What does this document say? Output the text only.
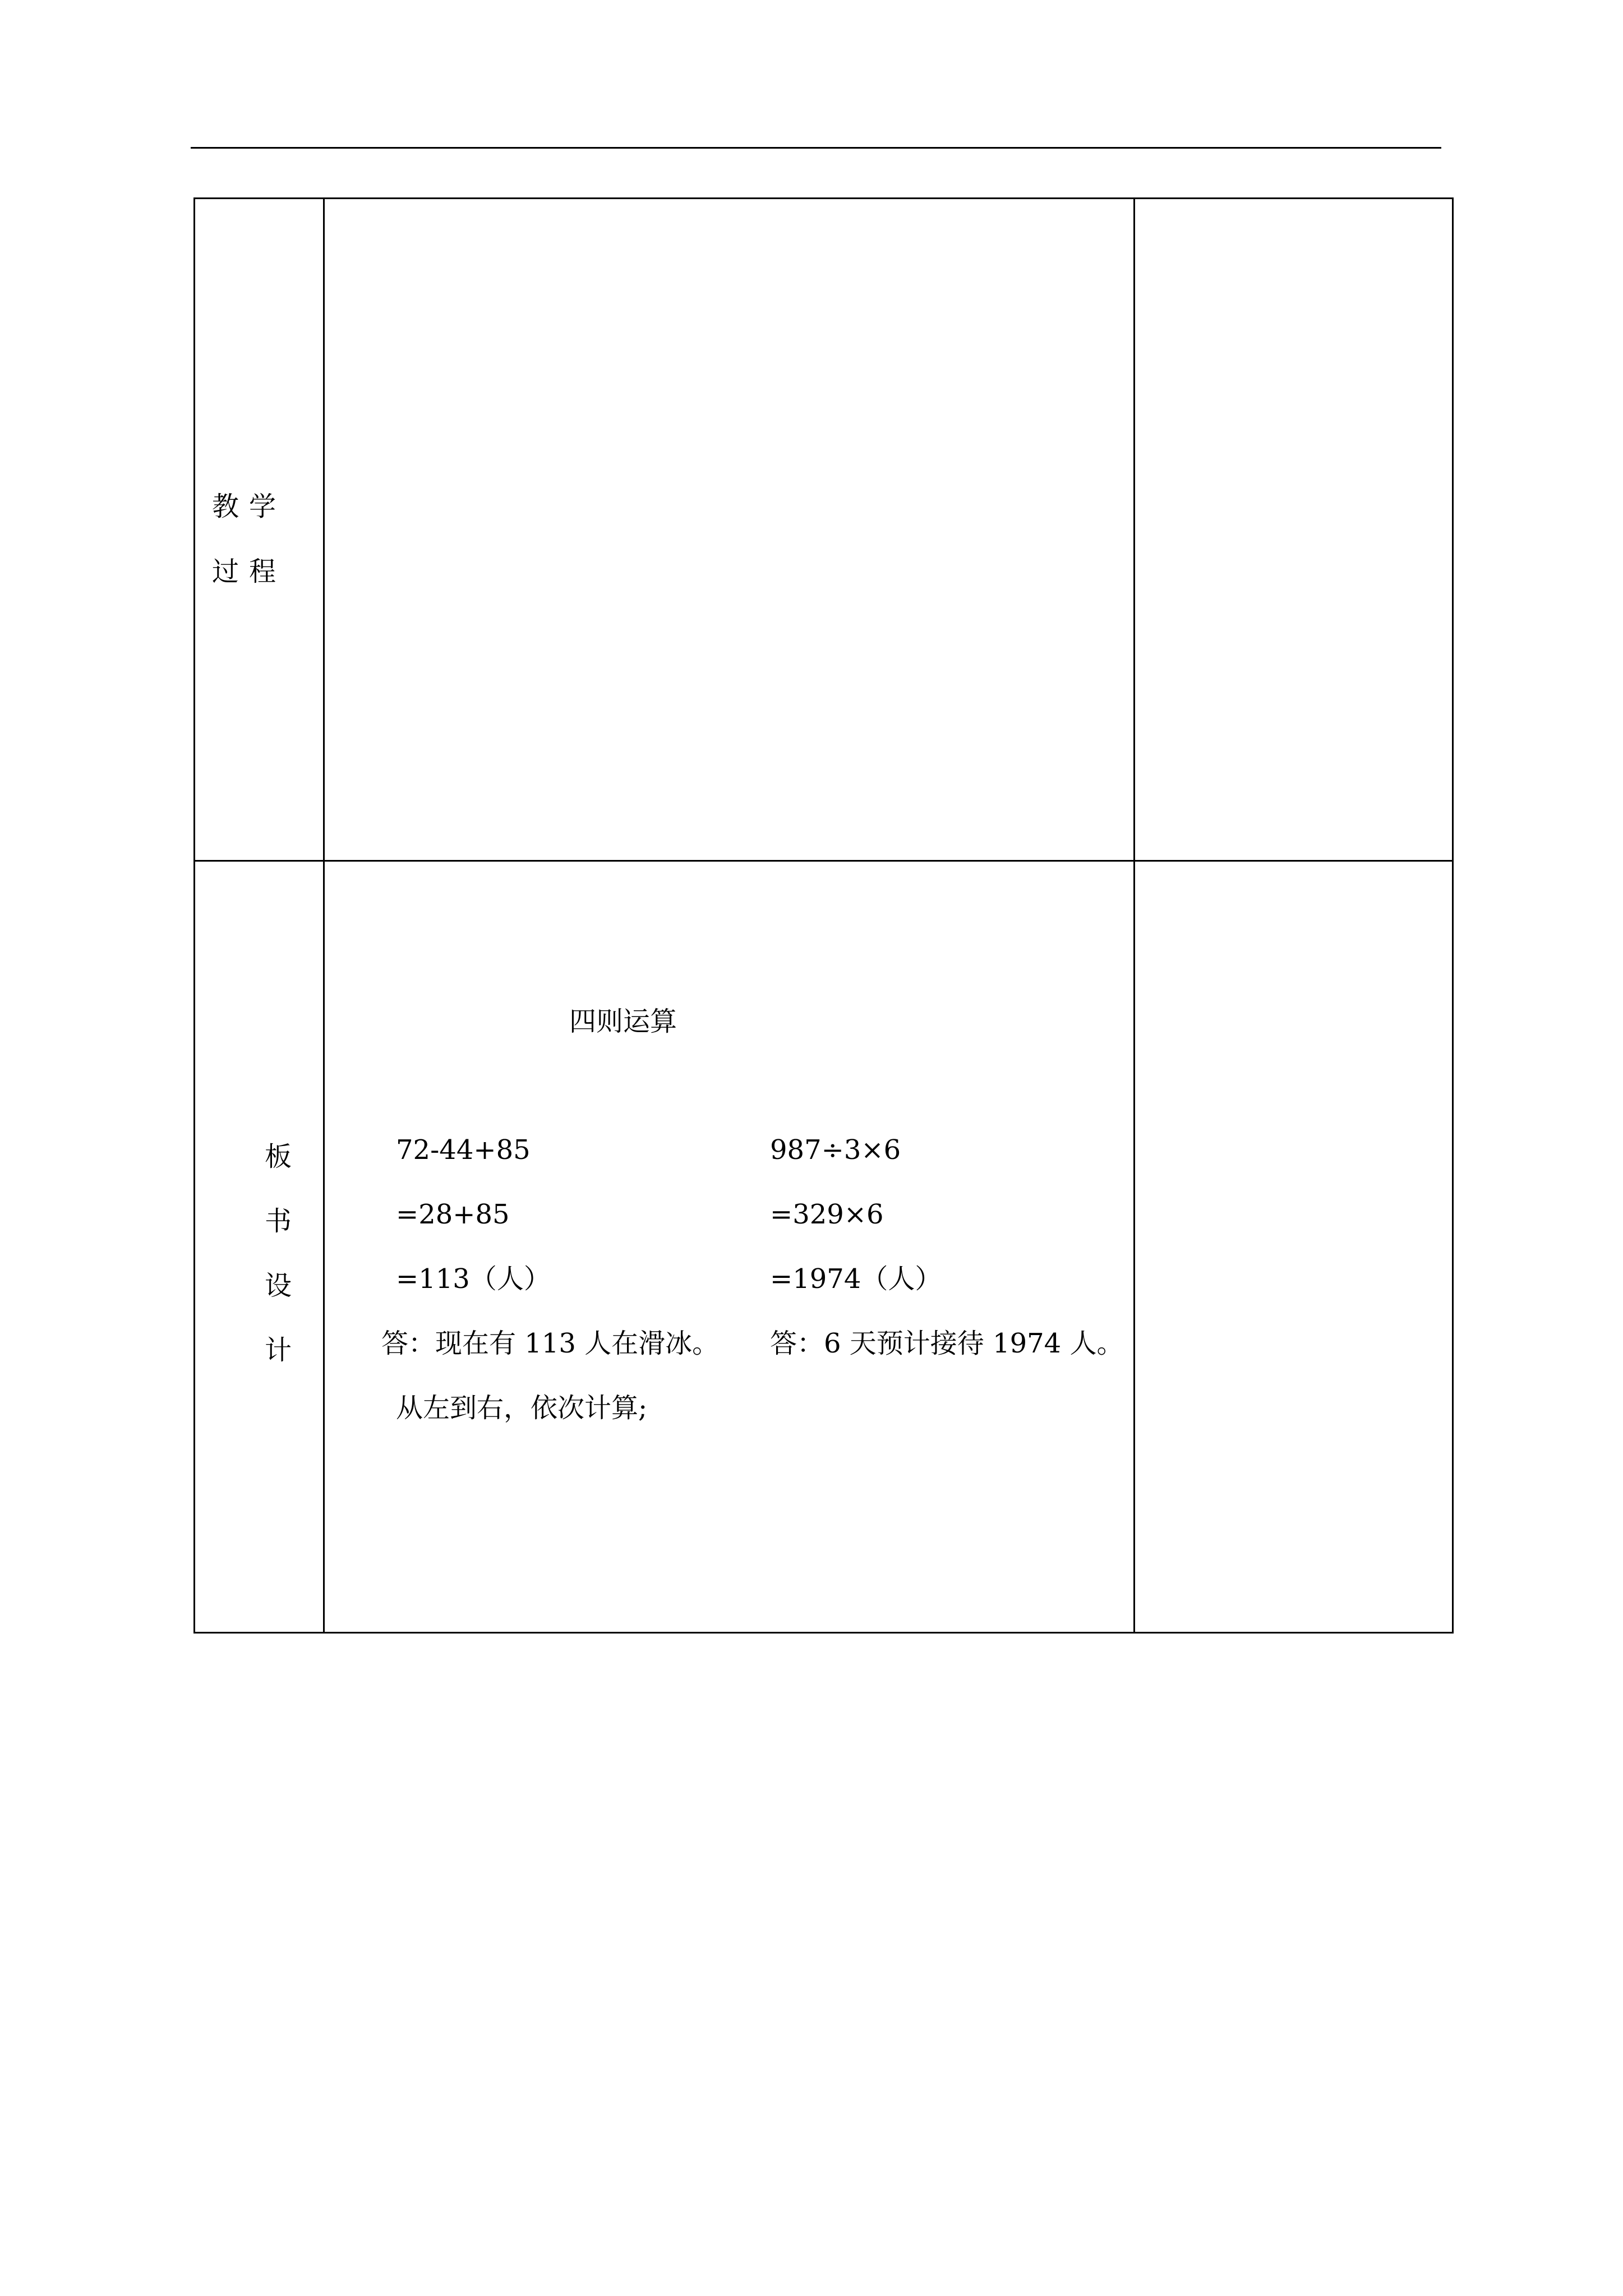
教学过程
板
书
设
计
四则运算
72-44+85
=28+85
=113（人）
答：现在有 113 人在滑冰。
从左到右，依次计算;
987÷3×6
=329×6
=1974（人）
答：6 天预计接待 1974 人。
